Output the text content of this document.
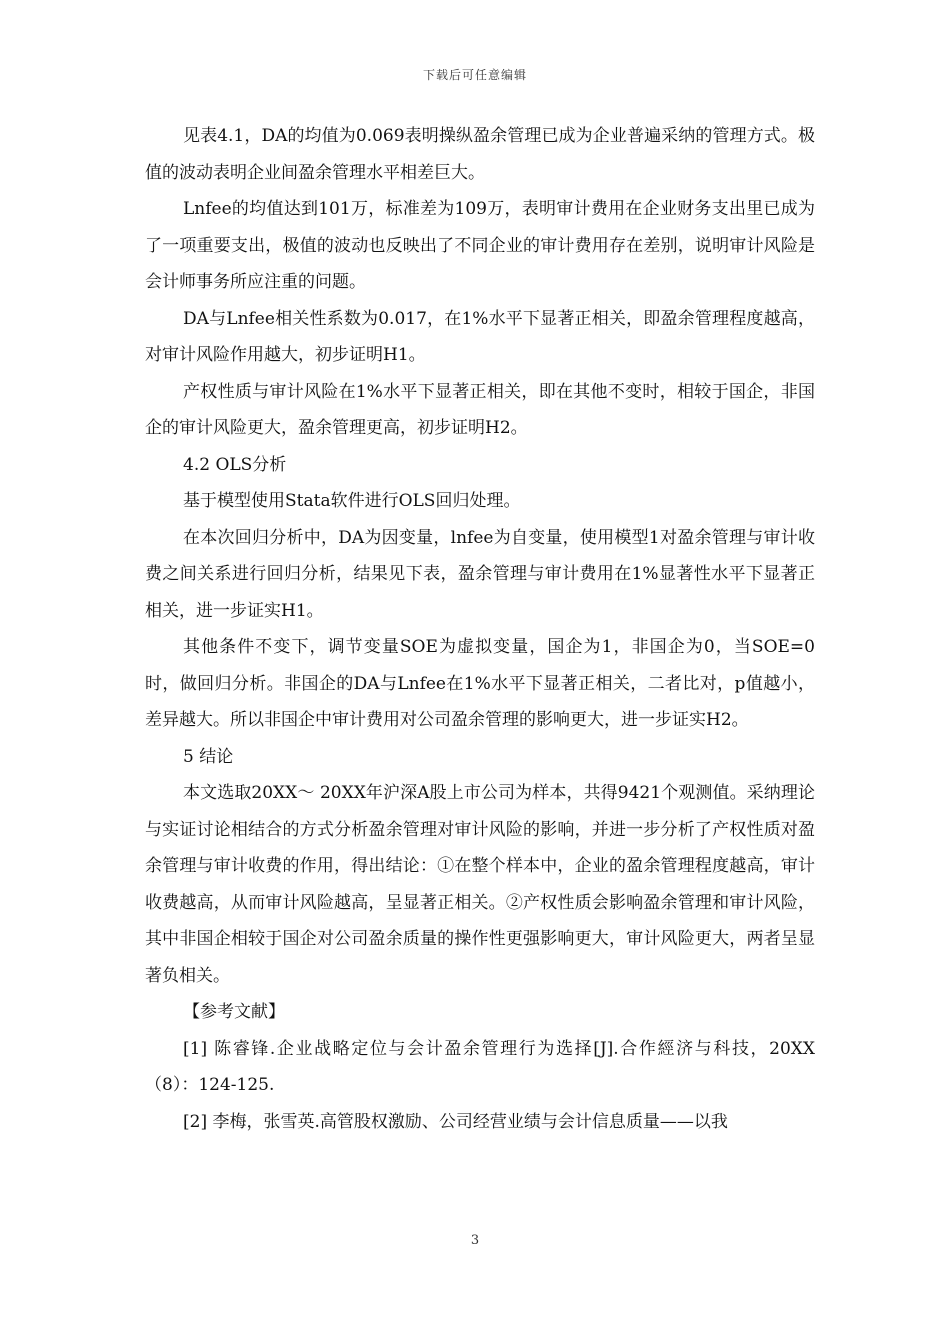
下载后可任意编辑

见表4.1，DA的均值为0.069表明操纵盈余管理已成为企业普遍采纳的管理方式。极值的波动表明企业间盈余管理水平相差巨大。

Lnfee的均值达到101万，标准差为109万，表明审计费用在企业财务支出里已成为了一项重要支出，极值的波动也反映出了不同企业的审计费用存在差别，说明审计风险是会计师事务所应注重的问题。

DA与Lnfee相关性系数为0.017，在1%水平下显著正相关，即盈余管理程度越高，对审计风险作用越大，初步证明H1。

产权性质与审计风险在1%水平下显著正相关，即在其他不变时，相较于国企，非国企的审计风险更大，盈余管理更高，初步证明H2。

4.2 OLS分析

基于模型使用Stata软件进行OLS回归处理。

在本次回归分析中，DA为因变量，lnfee为自变量，使用模型1对盈余管理与审计收费之间关系进行回归分析，结果见下表，盈余管理与审计费用在1%显著性水平下显著正相关，进一步证实H1。

其他条件不变下，调节变量SOE为虚拟变量，国企为1，非国企为0，当SOE=0时，做回归分析。非国企的DA与Lnfee在1%水平下显著正相关，二者比对，p值越小，差异越大。所以非国企中审计费用对公司盈余管理的影响更大，进一步证实H2。

5 结论

本文选取20XX～ 20XX年沪深A股上市公司为样本，共得9421个观测值。采纳理论与实证讨论相结合的方式分析盈余管理对审计风险的影响，并进一步分析了产权性质对盈余管理与审计收费的作用，得出结论：①在整个样本中，企业的盈余管理程度越高，审计收费越高，从而审计风险越高，呈显著正相关。②产权性质会影响盈余管理和审计风险，其中非国企相较于国企对公司盈余质量的操作性更强影响更大，审计风险更大，两者呈显著负相关。

【参考文献】

[1] 陈睿锋.企业战略定位与会计盈余管理行为选择[J].合作經济与科技，20XX（8）：124-125.

[2] 李梅，张雪英.高管股权激励、公司经营业绩与会计信息质量——以我

3
